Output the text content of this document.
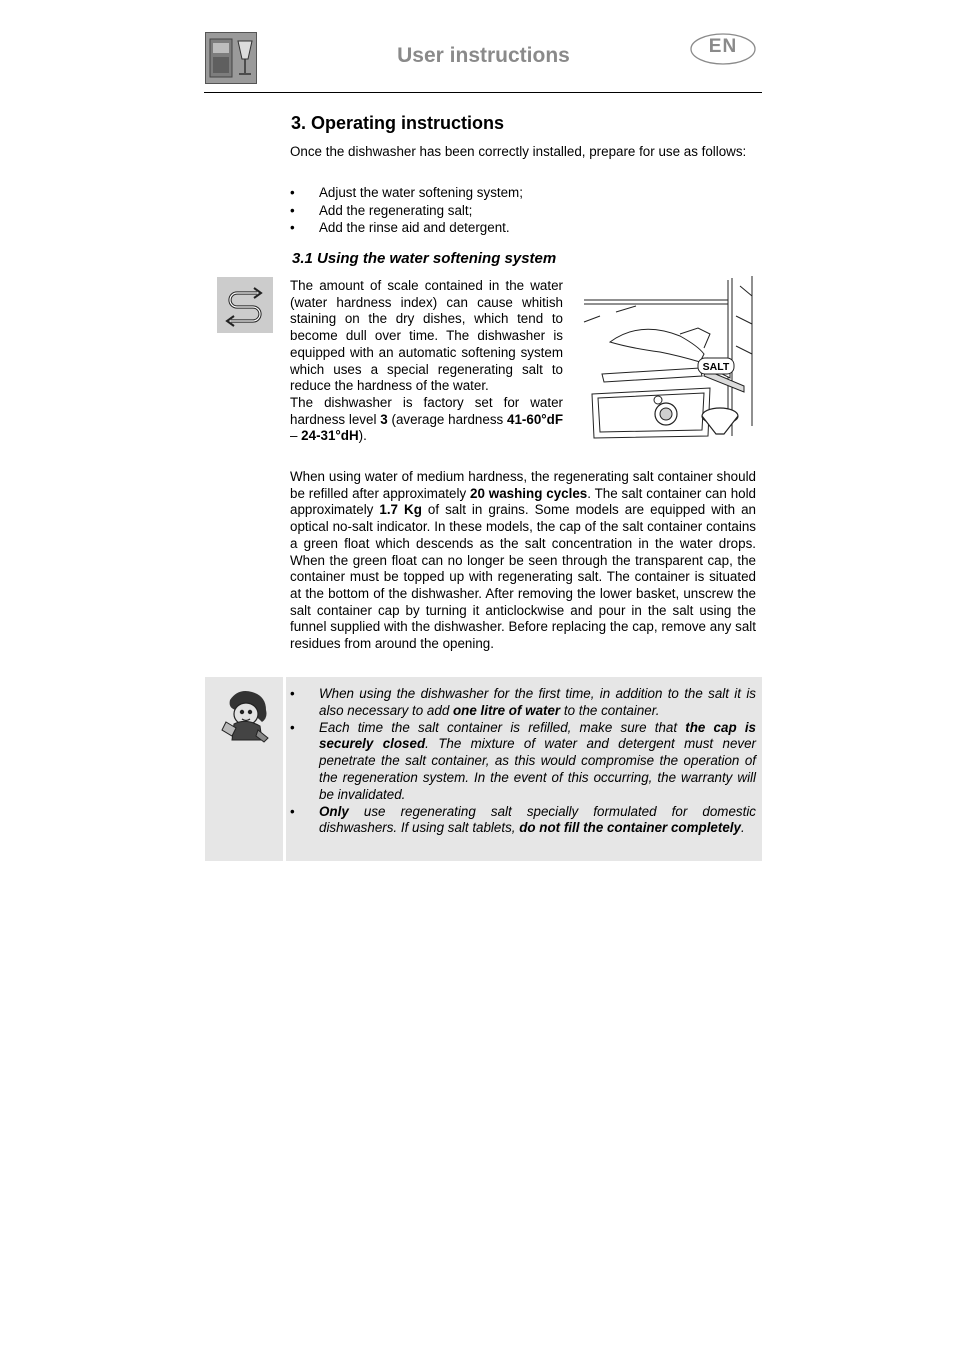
User instructions	EN
3. Operating instructions

Once the dishwasher has been correctly installed, prepare for use as follows:

• Adjust the water softening system;
• Add the regenerating salt;
• Add the rinse aid and detergent.
3.1 Using the water softening system

The amount of scale contained in the water (water hardness index) can cause whitish staining on the dry dishes, which tend to become dull over time. The dishwasher is equipped with an automatic softening system which uses a special regenerating salt to reduce the hardness of the water.
The dishwasher is factory set for water hardness level 3 (average hardness 41-60°dF – 24-31°dH).

SALT

When using water of medium hardness, the regenerating salt container should be refilled after approximately 20 washing cycles. The salt container can hold approximately 1.7 Kg of salt in grains. Some models are equipped with an optical no-salt indicator. In these models, the cap of the salt container contains a green float which descends as the salt concentration in the water drops. When the green float can no longer be seen through the transparent cap, the container must be topped up with regenerating salt. The container is situated at the bottom of the dishwasher. After removing the lower basket, unscrew the salt container cap by turning it anticlockwise and pour in the salt using the funnel supplied with the dishwasher. Before replacing the cap, remove any salt residues from around the opening.

• When using the dishwasher for the first time, in addition to the salt it is also necessary to add one litre of water to the container.
• Each time the salt container is refilled, make sure that the cap is securely closed. The mixture of water and detergent must never penetrate the salt container, as this would compromise the operation of the regeneration system. In the event of this occurring, the warranty will be invalidated.
• Only use regenerating salt specially formulated for domestic dishwashers. If using salt tablets, do not fill the container completely.
